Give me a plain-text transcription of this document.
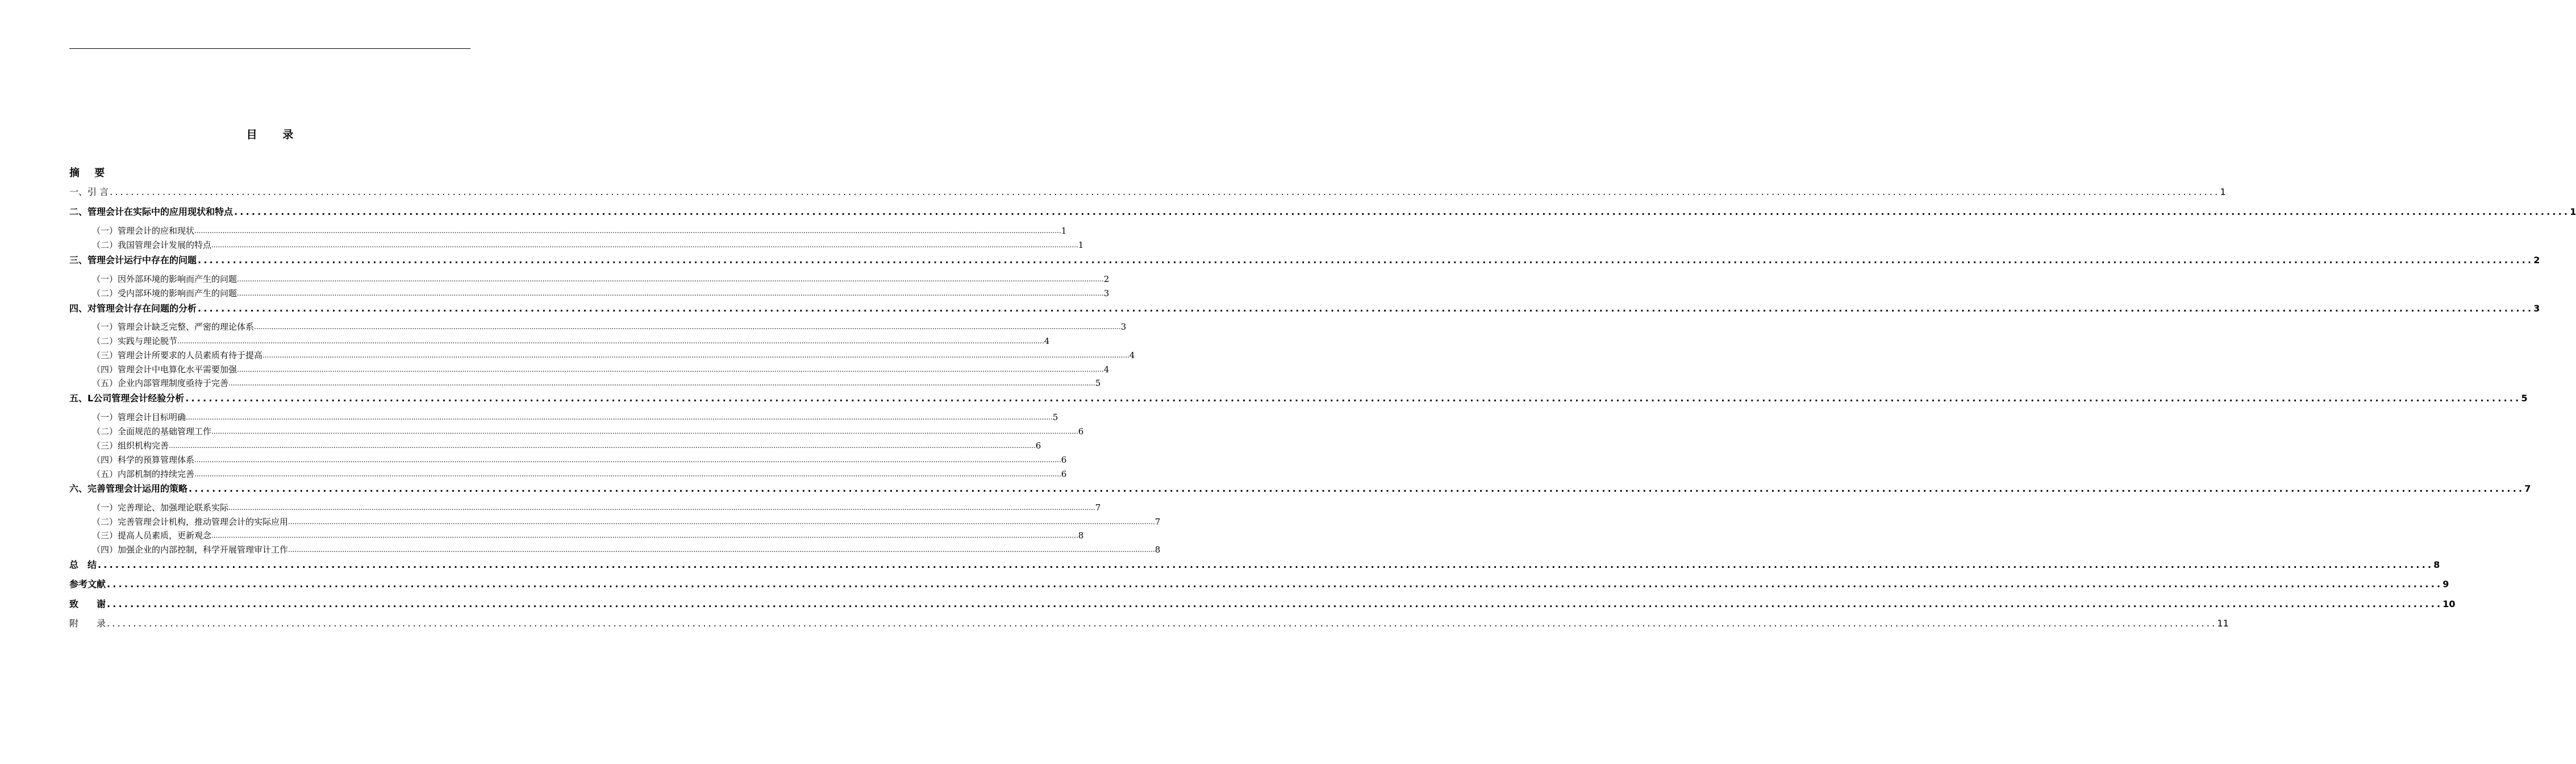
目 录
摘 要
一、引 言 ................................................................................................................................................................................................................................................................................................................................................................................................................ 1
二、管理会计在实际中的应用现状和特点 ................................................................................................................................................................................................................................................................................................................................................................................................................ 1
（一）管理会计的应和现状 ................................................................................................................................................................................................................................................................................................................................................................................................................ 1
（二）我国管理会计发展的特点 ................................................................................................................................................................................................................................................................................................................................................................................................................ 1
三、管理会计运行中存在的问题 ................................................................................................................................................................................................................................................................................................................................................................................................................ 2
（一）因外部环境的影响而产生的问题 ................................................................................................................................................................................................................................................................................................................................................................................................................ 2
（二）受内部环境的影响而产生的问题 ................................................................................................................................................................................................................................................................................................................................................................................................................ 3
四、对管理会计存在问题的分析 ................................................................................................................................................................................................................................................................................................................................................................................................................ 3
（一）管理会计缺乏完整、严密的理论体系 ................................................................................................................................................................................................................................................................................................................................................................................................................ 3
（二）实践与理论脱节 ................................................................................................................................................................................................................................................................................................................................................................................................................ 4
（三）管理会计所要求的人员素质有待于提高 ................................................................................................................................................................................................................................................................................................................................................................................................................ 4
（四）管理会计中电算化水平需要加强 ................................................................................................................................................................................................................................................................................................................................................................................................................ 4
（五）企业内部管理制度亟待于完善 ................................................................................................................................................................................................................................................................................................................................................................................................................ 5
五、L公司管理会计经验分析 ................................................................................................................................................................................................................................................................................................................................................................................................................ 5
（一）管理会计目标明确 ................................................................................................................................................................................................................................................................................................................................................................................................................ 5
（二）全面规范的基础管理工作 ................................................................................................................................................................................................................................................................................................................................................................................................................ 6
（三）组织机构完善 ................................................................................................................................................................................................................................................................................................................................................................................................................ 6
（四）科学的预算管理体系 ................................................................................................................................................................................................................................................................................................................................................................................................................ 6
（五）内部机制的持续完善 ................................................................................................................................................................................................................................................................................................................................................................................................................ 6
六、完善管理会计运用的策略 ................................................................................................................................................................................................................................................................................................................................................................................................................ 7
（一）完善理论、加强理论联系实际 ................................................................................................................................................................................................................................................................................................................................................................................................................ 7
（二）完善管理会计机构，推动管理会计的实际应用 ................................................................................................................................................................................................................................................................................................................................................................................................................ 7
（三）提高人员素质，更新观念 ................................................................................................................................................................................................................................................................................................................................................................................................................ 8
（四）加强企业的内部控制，科学开展管理审计工作 ................................................................................................................................................................................................................................................................................................................................................................................................................ 8
总　结 ................................................................................................................................................................................................................................................................................................................................................................................................................ 8
参考文献 ................................................................................................................................................................................................................................................................................................................................................................................................................ 9
致　　谢 ................................................................................................................................................................................................................................................................................................................................................................................................................ 10
附　　录 ................................................................................................................................................................................................................................................................................................................................................................................................................ 11
